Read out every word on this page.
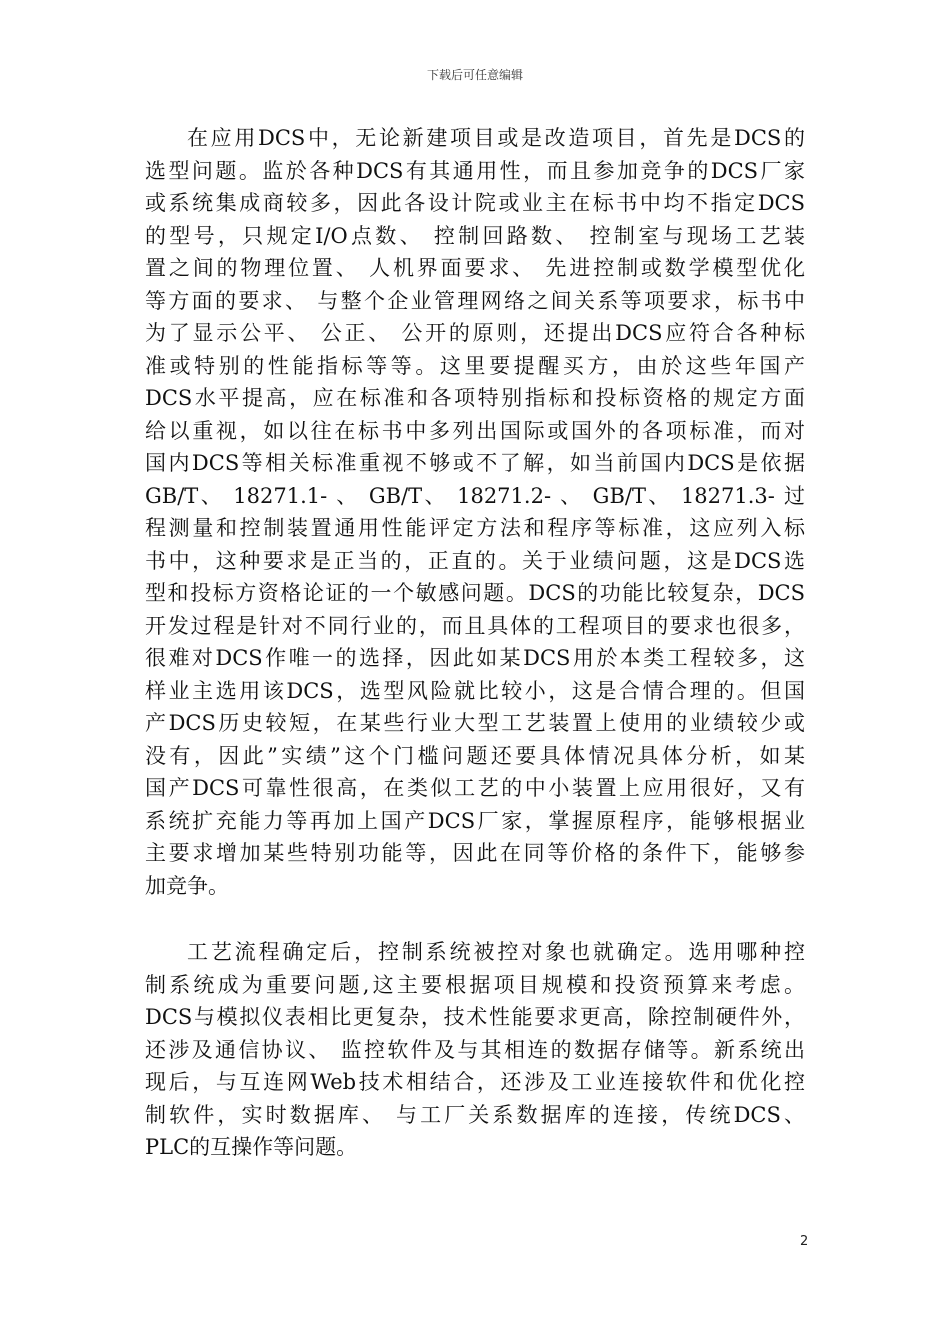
下载后可任意编辑
在应用DCS中，无论新建项目或是改造项目，首先是DCS的
选型问题。监於各种DCS有其通用性，而且参加竞争的DCS厂家
或系统集成商较多，因此各设计院或业主在标书中均不指定DCS
的型号，只规定I/O点数、 控制回路数、 控制室与现场工艺装
置之间的物理位置、 人机界面要求、 先进控制或数学模型优化
等方面的要求、 与整个企业管理网络之间关系等项要求，标书中
为了显示公平、 公正、 公开的原则，还提出DCS应符合各种标
准或特别的性能指标等等。这里要提醒买方，由於这些年国产
DCS水平提高，应在标准和各项特别指标和投标资格的规定方面
给以重视，如以往在标书中多列出国际或国外的各项标准，而对
国内DCS等相关标准重视不够或不了解，如当前国内DCS是依据
GB/T、 18271.1- 、 GB/T、 18271.2- 、 GB/T、 18271.3- 过
程测量和控制装置通用性能评定方法和程序等标准，这应列入标
书中，这种要求是正当的，正直的。关于业绩问题，这是DCS选
型和投标方资格论证的一个敏感问题。DCS的功能比较复杂，DCS
开发过程是针对不同行业的，而且具体的工程项目的要求也很多，
很难对DCS作唯一的选择，因此如某DCS用於本类工程较多，这
样业主选用该DCS，选型风险就比较小，这是合情合理的。但国
产DCS历史较短，在某些行业大型工艺装置上使用的业绩较少或
没有，因此”实绩”这个门槛问题还要具体情况具体分析，如某
国产DCS可靠性很高，在类似工艺的中小装置上应用很好，又有
系统扩充能力等再加上国产DCS厂家，掌握原程序，能够根据业
主要求增加某些特别功能等，因此在同等价格的条件下，能够参
加竞争。
工艺流程确定后，控制系统被控对象也就确定。选用哪种控
制系统成为重要问题,这主要根据项目规模和投资预算来考虑。
DCS与模拟仪表相比更复杂，技术性能要求更高，除控制硬件外，
还涉及通信协议、 监控软件及与其相连的数据存储等。新系统出
现后，与互连网Web技术相结合，还涉及工业连接软件和优化控
制软件，实时数据库、 与工厂关系数据库的连接，传统DCS、
PLC的互操作等问题。
2
